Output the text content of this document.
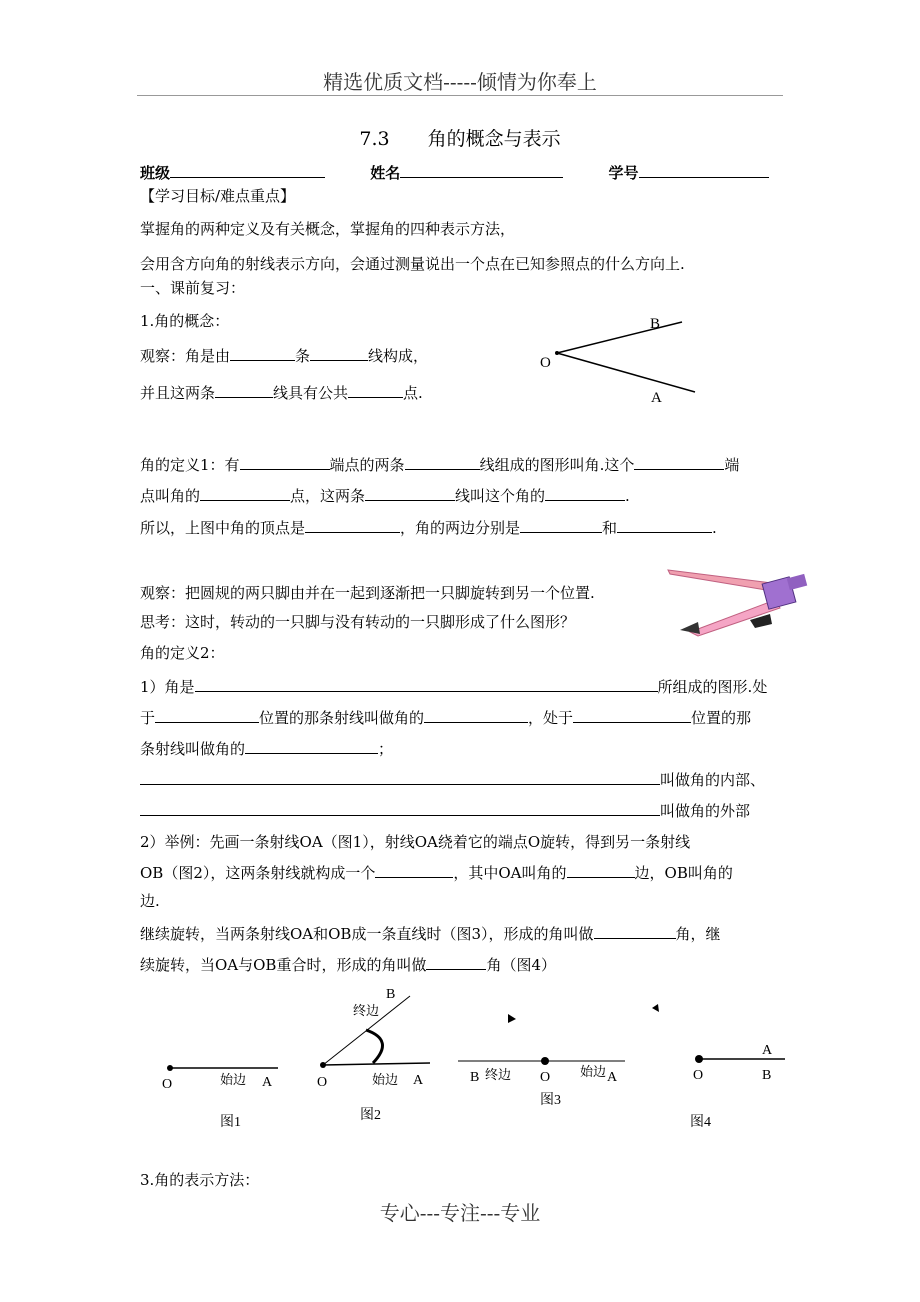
精选优质文档-----倾情为你奉上
7.3　　角的概念与表示
班级	姓名	学号
【学习目标/难点重点】
掌握角的两种定义及有关概念，掌握角的四种表示方法，
会用含方向角的射线表示方向，会通过测量说出一个点在已知参照点的什么方向上.
一、课前复习：
1.角的概念：
观察：角是由	条	线构成，
并且这两条	线具有公共	点.
O
B
A
角的定义1：有	端点的两条	线组成的图形叫角.这个	端
点叫角的	点，这两条	线叫这个角的	.
所以，上图中角的顶点是	，角的两边分别是	和	.
观察：把圆规的两只脚由并在一起到逐渐把一只脚旋转到另一个位置.
思考：这时，转动的一只脚与没有转动的一只脚形成了什么图形？
角的定义2：
1）角是	所组成的图形.处
于	位置的那条射线叫做角的	，处于	位置的那
条射线叫做角的	；
叫做角的内部、
叫做角的外部
2）举例：先画一条射线OA（图1），射线OA绕着它的端点O旋转，得到另一条射线
OB（图2），这两条射线就构成一个	，其中OA叫角的	边，OB叫角的
边.
继续旋转，当两条射线OA和OB成一条直线时（图3），形成的角叫做	角，继
续旋转，当OA与OB重合时，形成的角叫做	角（图4）
O	始边 A
图1
O	始边 A
终边
B
图2
B 终边 O 始边 A
图3
O
A
B
图4
3.角的表示方法：
专心---专注---专业
